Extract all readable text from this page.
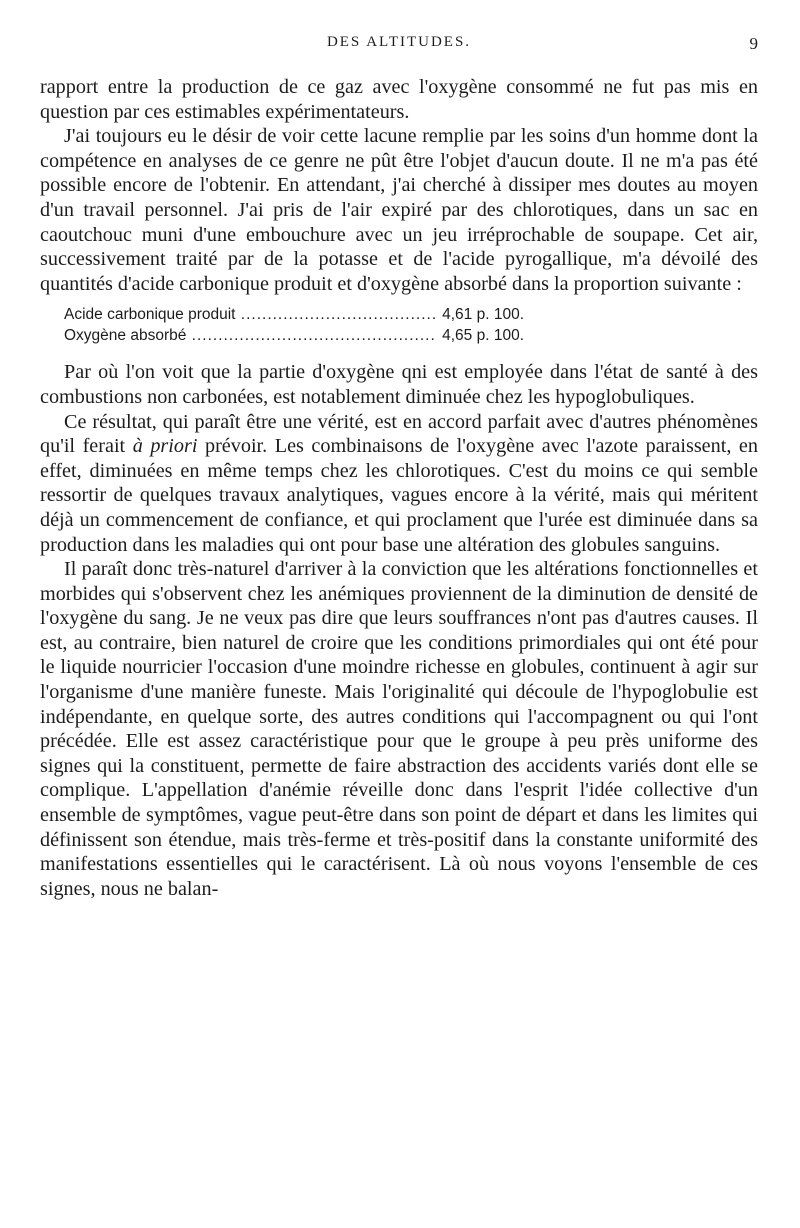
DES ALTITUDES.	9

rapport entre la production de ce gaz avec l'oxygène consommé ne fut pas mis en question par ces estimables expérimentateurs.

J'ai toujours eu le désir de voir cette lacune remplie par les soins d'un homme dont la compétence en analyses de ce genre ne pût être l'objet d'aucun doute. Il ne m'a pas été possible encore de l'obtenir. En attendant, j'ai cherché à dissiper mes doutes au moyen d'un travail personnel. J'ai pris de l'air expiré par des chlorotiques, dans un sac en caoutchouc muni d'une embouchure avec un jeu irréprochable de soupape. Cet air, successivement traité par de la potasse et de l'acide pyrogallique, m'a dévoilé des quantités d'acide carbonique produit et d'oxygène absorbé dans la proportion suivante :

Acide carbonique produit .....	4,61 p. 100.
Oxygène absorbé .....	4,65 p. 100.

Par où l'on voit que la partie d'oxygène qni est employée dans l'état de santé à des combustions non carbonées, est notablement diminuée chez les hypoglobuliques.

Ce résultat, qui paraît être une vérité, est en accord parfait avec d'autres phénomènes qu'il ferait à priori prévoir. Les combinaisons de l'oxygène avec l'azote paraissent, en effet, diminuées en même temps chez les chlorotiques. C'est du moins ce qui semble ressortir de quelques travaux analytiques, vagues encore à la vérité, mais qui méritent déjà un commencement de confiance, et qui proclament que l'urée est diminuée dans sa production dans les maladies qui ont pour base une altération des globules sanguins.

Il paraît donc très-naturel d'arriver à la conviction que les altérations fonctionnelles et morbides qui s'observent chez les anémiques proviennent de la diminution de densité de l'oxygène du sang. Je ne veux pas dire que leurs souffrances n'ont pas d'autres causes. Il est, au contraire, bien naturel de croire que les conditions primordiales qui ont été pour le liquide nourricier l'occasion d'une moindre richesse en globules, continuent à agir sur l'organisme d'une manière funeste. Mais l'originalité qui découle de l'hypoglobulie est indépendante, en quelque sorte, des autres conditions qui l'accompagnent ou qui l'ont précédée. Elle est assez caractéristique pour que le groupe à peu près uniforme des signes qui la constituent, permette de faire abstraction des accidents variés dont elle se complique. L'appellation d'anémie réveille donc dans l'esprit l'idée collective d'un ensemble de symptômes, vague peut-être dans son point de départ et dans les limites qui définissent son étendue, mais très-ferme et très-positif dans la constante uniformité des manifestations essentielles qui le caractérisent. Là où nous voyons l'ensemble de ces signes, nous ne balan-
